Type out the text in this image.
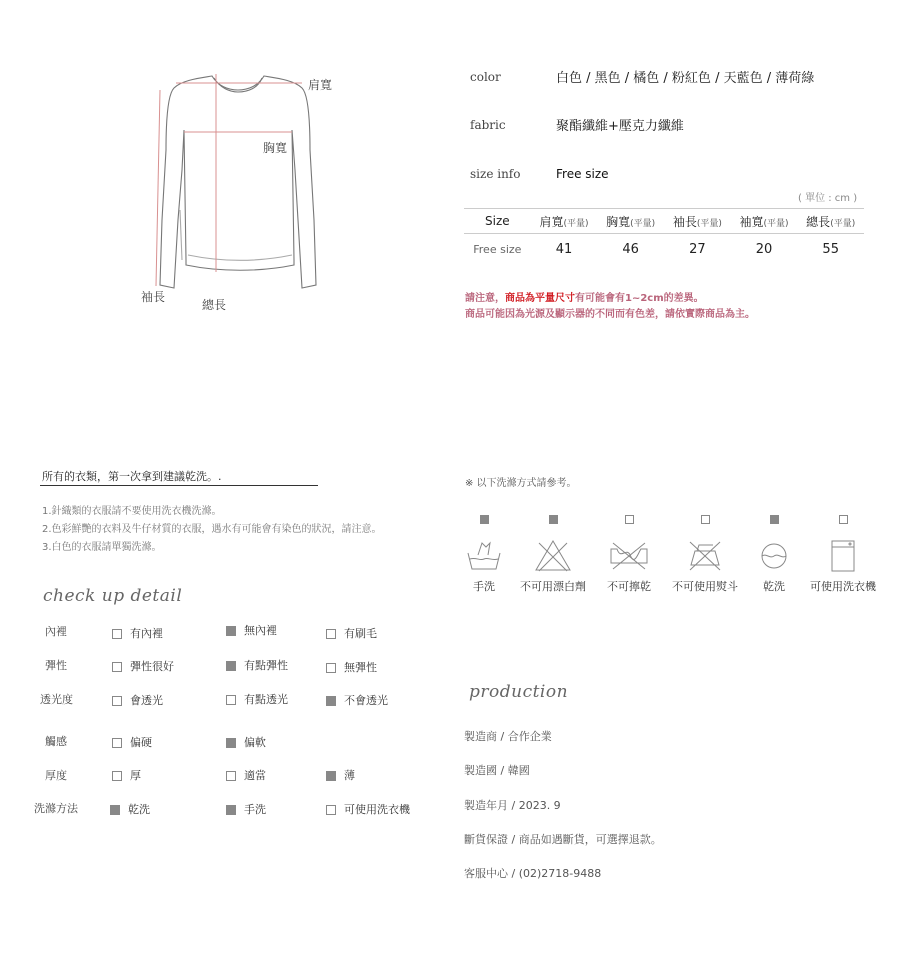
肩寬
胸寬
袖長
總長
color	白色 / 黑色 / 橘色 / 粉紅色 / 天藍色 / 薄荷綠
fabric	聚酯纖維+壓克力纖維
size info	Free size
( 單位 : cm )
Size	肩寬(平量)	胸寬(平量)	袖長(平量)	袖寬(平量)	總長(平量)
Free size	41	46	27	20	55
請注意，商品為平量尺寸有可能會有1~2cm的差異。
商品可能因為光源及顯示器的不同而有色差，請依實際商品為主。
所有的衣類，第一次拿到建議乾洗。.
1.針織類的衣服請不要使用洗衣機洗滌。
2.色彩鮮艷的衣料及牛仔材質的衣服，遇水有可能會有染色的狀況，請注意。
3.白色的衣服請單獨洗滌。
check up detail
內裡	有內裡	無內裡	有刷毛
彈性	彈性很好	有點彈性	無彈性
透光度	會透光	有點透光	不會透光
觸感	偏硬	偏軟
厚度	厚	適當	薄
洗滌方法	乾洗	手洗	可使用洗衣機
※ 以下洗滌方式請參考。
手洗	不可用漂白劑	不可擰乾	不可使用熨斗	乾洗	可使用洗衣機
production
製造商 / 合作企業
製造國 / 韓國
製造年月 / 2023. 9
斷貨保證 / 商品如遇斷貨，可選擇退款。
客服中心 / (02)2718-9488
